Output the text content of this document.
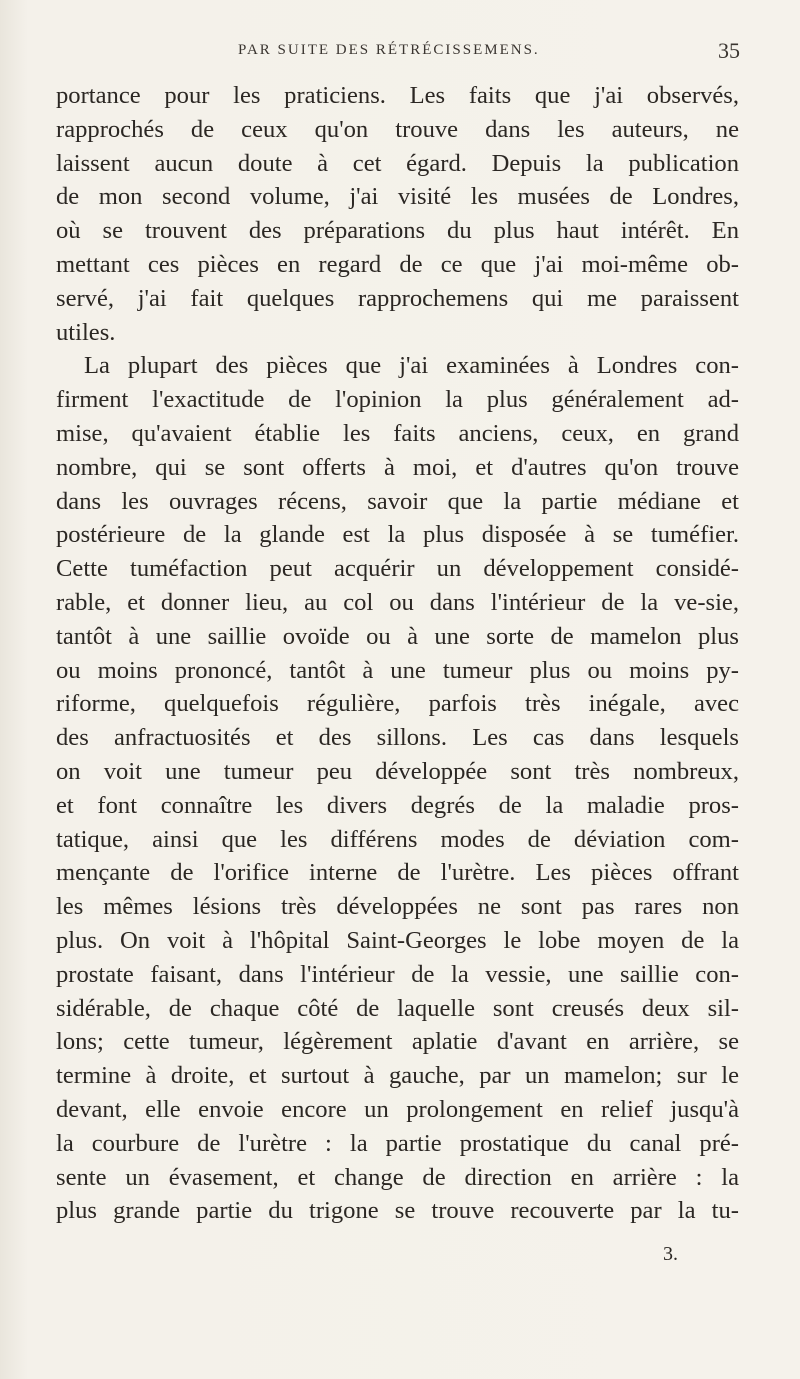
PAR SUITE DES RÉTRÉCISSEMENS.	35
portance pour les praticiens. Les faits que j'ai observés,
rapprochés de ceux qu'on trouve dans les auteurs, ne
laissent aucun doute à cet égard. Depuis la publication
de mon second volume, j'ai visité les musées de Londres,
où se trouvent des préparations du plus haut intérêt. En
mettant ces pièces en regard de ce que j'ai moi-même ob-
servé, j'ai fait quelques rapprochemens qui me paraissent
utiles.
La plupart des pièces que j'ai examinées à Londres con-
firment l'exactitude de l'opinion la plus généralement ad-
mise, qu'avaient établie les faits anciens, ceux, en grand
nombre, qui se sont offerts à moi, et d'autres qu'on trouve
dans les ouvrages récens, savoir que la partie médiane et
postérieure de la glande est la plus disposée à se tuméfier.
Cette tuméfaction peut acquérir un développement considé-
rable, et donner lieu, au col ou dans l'intérieur de la ve-sie,
tantôt à une saillie ovoïde ou à une sorte de mamelon plus
ou moins prononcé, tantôt à une tumeur plus ou moins py-
riforme, quelquefois régulière, parfois très inégale, avec
des anfractuosités et des sillons. Les cas dans lesquels
on voit une tumeur peu développée sont très nombreux,
et font connaître les divers degrés de la maladie pros-
tatique, ainsi que les différens modes de déviation com-
mençante de l'orifice interne de l'urètre. Les pièces offrant
les mêmes lésions très développées ne sont pas rares non
plus. On voit à l'hôpital Saint-Georges le lobe moyen de la
prostate faisant, dans l'intérieur de la vessie, une saillie con-
sidérable, de chaque côté de laquelle sont creusés deux sil-
lons; cette tumeur, légèrement aplatie d'avant en arrière, se
termine à droite, et surtout à gauche, par un mamelon; sur le
devant, elle envoie encore un prolongement en relief jusqu'à
la courbure de l'urètre : la partie prostatique du canal pré-
sente un évasement, et change de direction en arrière : la
plus grande partie du trigone se trouve recouverte par la tu-
3.
